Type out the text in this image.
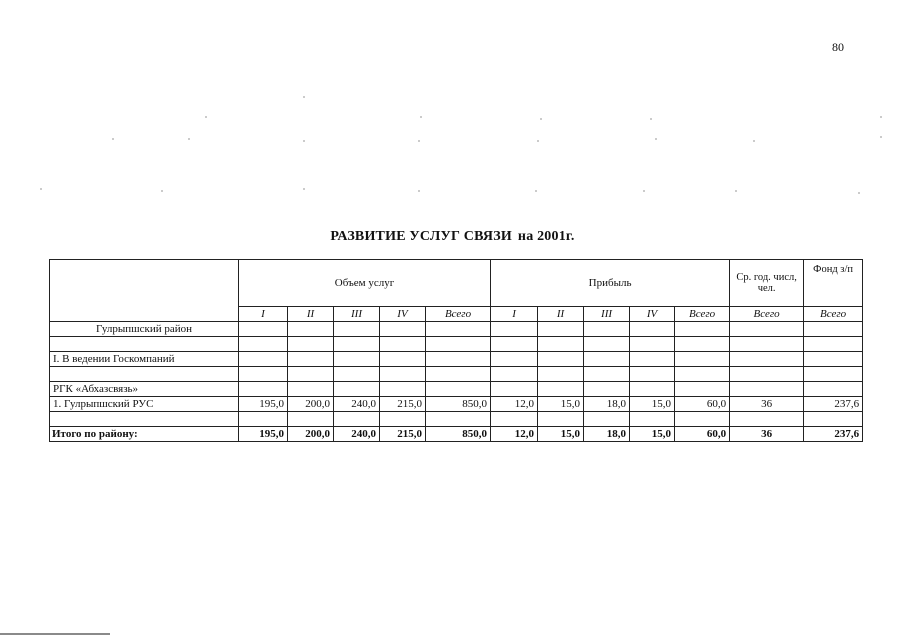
80
РАЗВИТИЕ УСЛУГ СВЯЗИ на 2001г.
	Объем услуг					Прибыль					Ср. год. числ, чел.	Фонд з/п
	I	II	III	IV	Всего	I	II	III	IV	Всего	Всего	Всего
Гулрыпшский район												

I. В ведении Госкомпаний												

РГК «Абхазсвязь»												
1. Гулрыпшский РУС	195,0	200,0	240,0	215,0	850,0	12,0	15,0	18,0	15,0	60,0	36	237,6

Итого по району:	195,0	200,0	240,0	215,0	850,0	12,0	15,0	18,0	15,0	60,0	36	237,6
